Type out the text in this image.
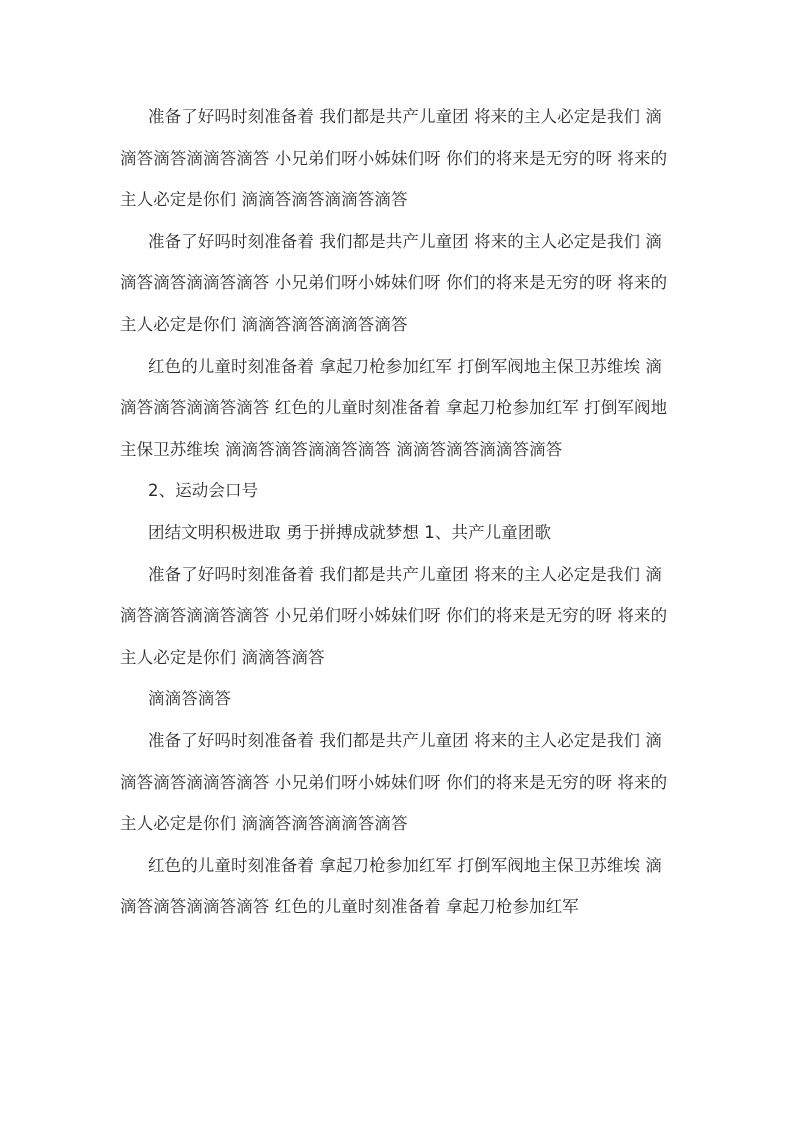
准备了好吗时刻准备着 我们都是共产儿童团 将来的主人必定是我们 滴滴答滴答滴滴答滴答 小兄弟们呀小姊妹们呀 你们的将来是无穷的呀 将来的主人必定是你们 滴滴答滴答滴滴答滴答

准备了好吗时刻准备着 我们都是共产儿童团 将来的主人必定是我们 滴滴答滴答滴滴答滴答 小兄弟们呀小姊妹们呀 你们的将来是无穷的呀 将来的主人必定是你们 滴滴答滴答滴滴答滴答

红色的儿童时刻准备着 拿起刀枪参加红军 打倒军阀地主保卫苏维埃 滴滴答滴答滴滴答滴答 红色的儿童时刻准备着 拿起刀枪参加红军 打倒军阀地主保卫苏维埃 滴滴答滴答滴滴答滴答 滴滴答滴答滴滴答滴答

2、运动会口号

团结文明积极进取 勇于拼搏成就梦想 1、共产儿童团歌

准备了好吗时刻准备着 我们都是共产儿童团 将来的主人必定是我们 滴滴答滴答滴滴答滴答 小兄弟们呀小姊妹们呀 你们的将来是无穷的呀 将来的主人必定是你们 滴滴答滴答

滴滴答滴答

准备了好吗时刻准备着 我们都是共产儿童团 将来的主人必定是我们 滴滴答滴答滴滴答滴答 小兄弟们呀小姊妹们呀 你们的将来是无穷的呀 将来的主人必定是你们 滴滴答滴答滴滴答滴答

红色的儿童时刻准备着 拿起刀枪参加红军 打倒军阀地主保卫苏维埃 滴滴答滴答滴滴答滴答 红色的儿童时刻准备着 拿起刀枪参加红军
